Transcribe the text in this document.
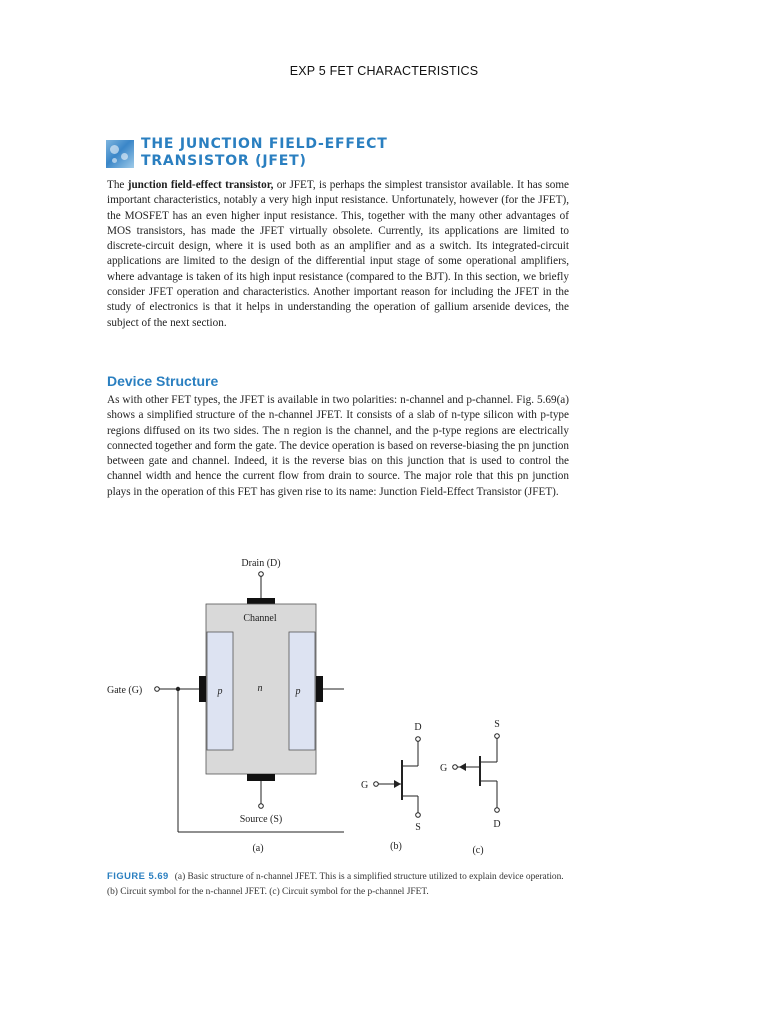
EXP 5 FET CHARACTERISTICS
THE JUNCTION FIELD-EFFECT
TRANSISTOR (JFET)

The junction field-effect transistor, or JFET, is perhaps the simplest transistor available. It has some important characteristics, notably a very high input resistance. Unfortunately, however (for the JFET), the MOSFET has an even higher input resistance. This, together with the many other advantages of MOS transistors, has made the JFET virtually obsolete. Currently, its applications are limited to discrete-circuit design, where it is used both as an amplifier and as a switch. Its integrated-circuit applications are limited to the design of the differential input stage of some operational amplifiers, where advantage is taken of its high input resistance (compared to the BJT). In this section, we briefly consider JFET operation and characteristics. Another important reason for including the JFET in the study of electronics is that it helps in understanding the operation of gallium arsenide devices, the subject of the next section.

Device Structure

As with other FET types, the JFET is available in two polarities: n-channel and p-channel. Fig. 5.69(a) shows a simplified structure of the n-channel JFET. It consists of a slab of n-type silicon with p-type regions diffused on its two sides. The n region is the channel, and the p-type regions are electrically connected together and form the gate. The device operation is based on reverse-biasing the pn junction between gate and channel. Indeed, it is the reverse bias on this junction that is used to control the channel width and hence the current flow from drain to source. The major role that this pn junction plays in the operation of this FET has given rise to its name: Junction Field-Effect Transistor (JFET).

Drain (D)
Channel
p	n	p
Gate (G)
Source (S)
(a)
D
S
G
(b)
S
D
G
(c)

FIGURE 5.69 (a) Basic structure of n-channel JFET. This is a simplified structure utilized to explain device operation. (b) Circuit symbol for the n-channel JFET. (c) Circuit symbol for the p-channel JFET.
